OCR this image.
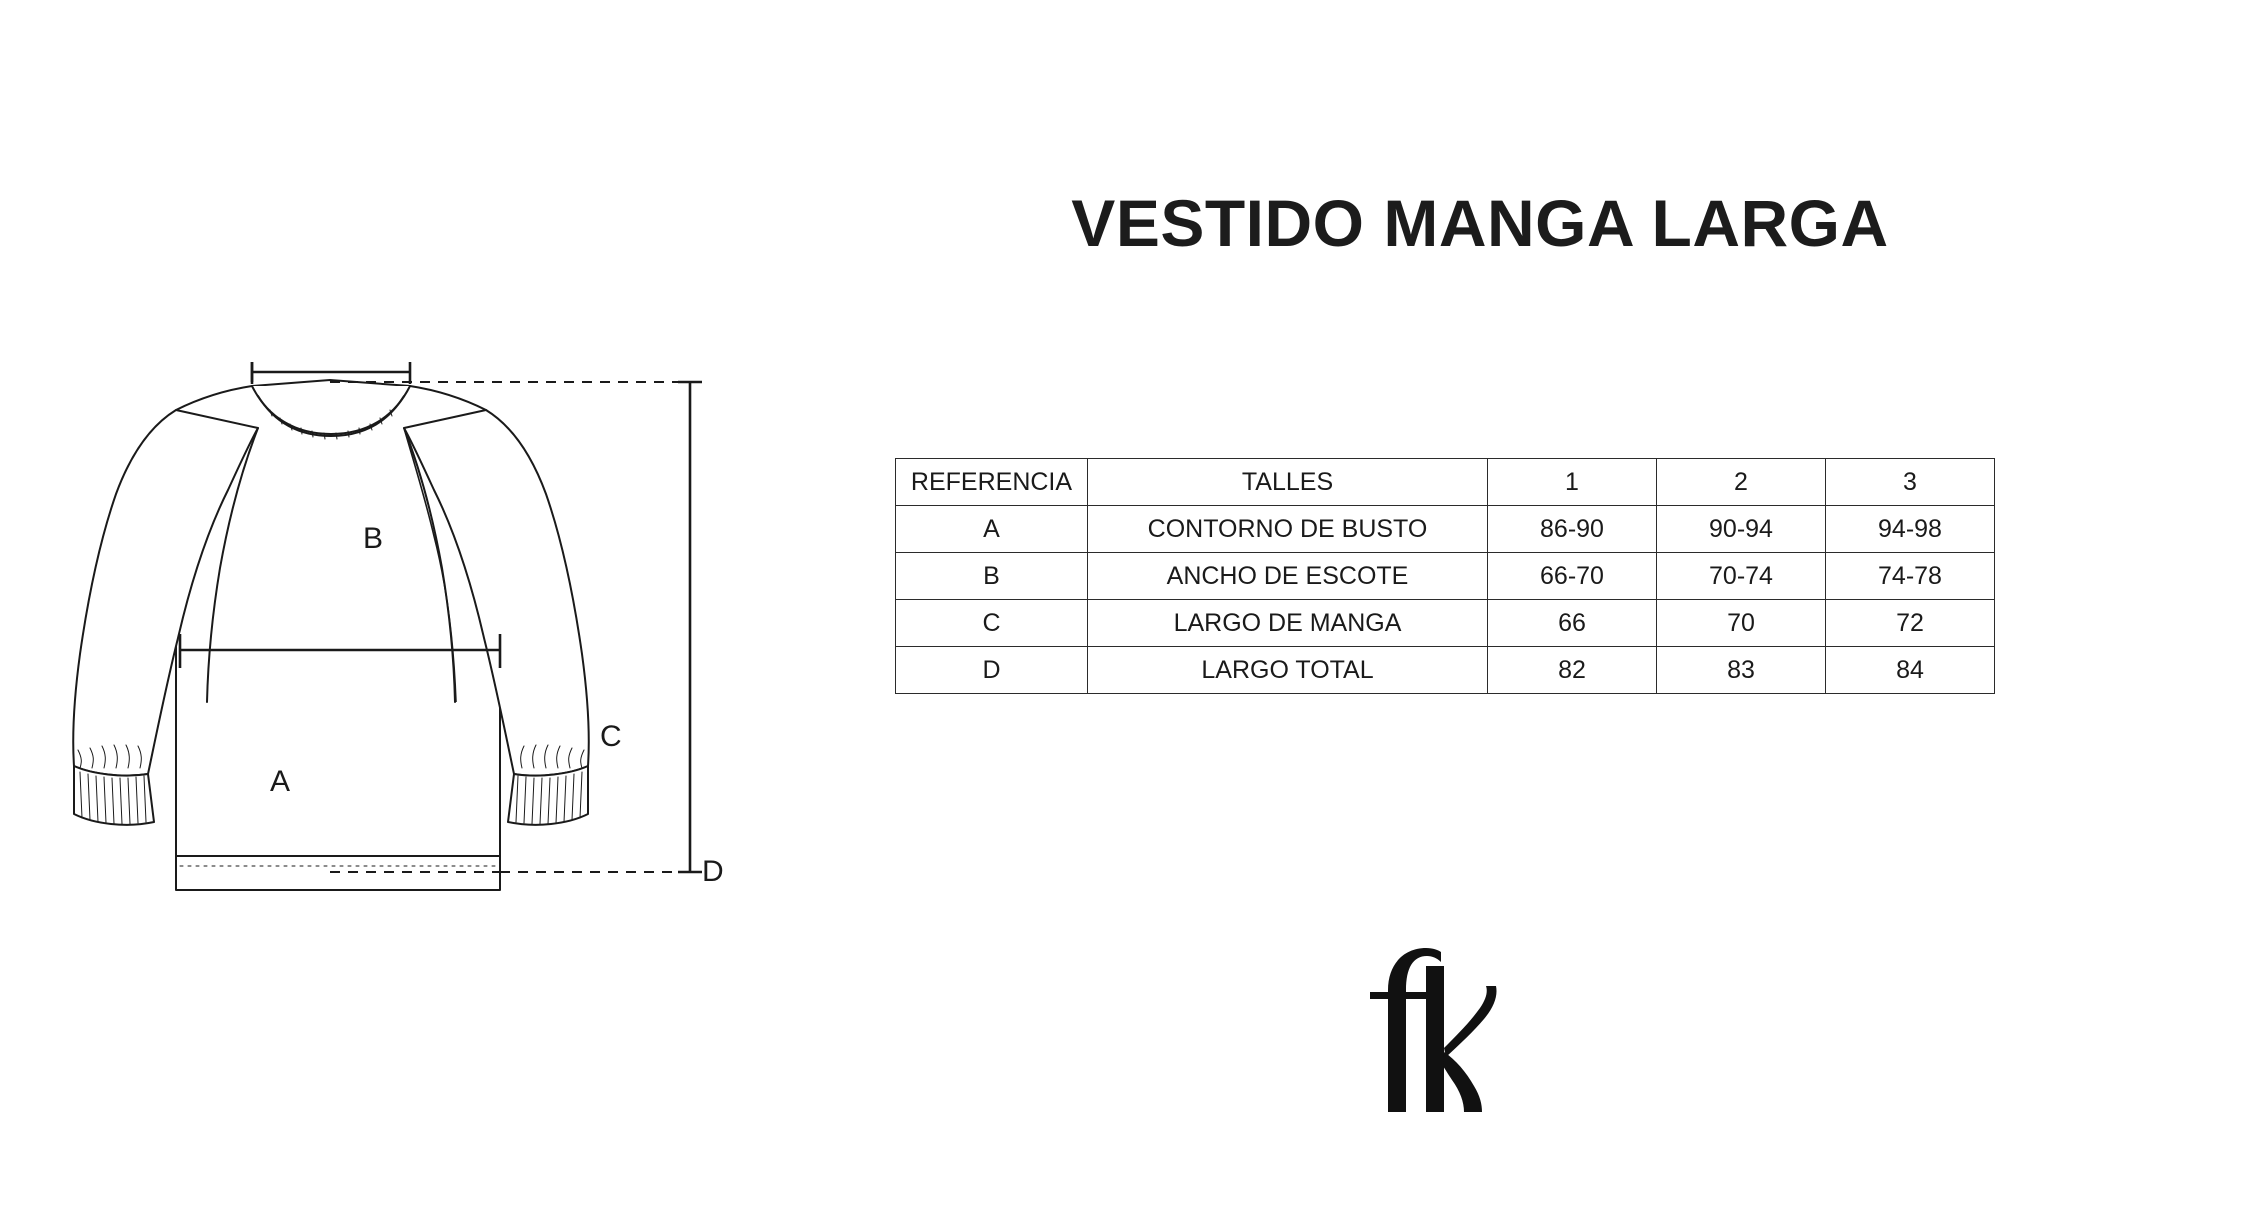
B
A
C
D
VESTIDO MANGA LARGA
REFERENCIA	TALLES	1	2	3
A	CONTORNO DE BUSTO	86-90	90-94	94-98
B	ANCHO DE ESCOTE	66-70	70-74	74-78
C	LARGO DE MANGA	66	70	72
D	LARGO TOTAL	82	83	84
